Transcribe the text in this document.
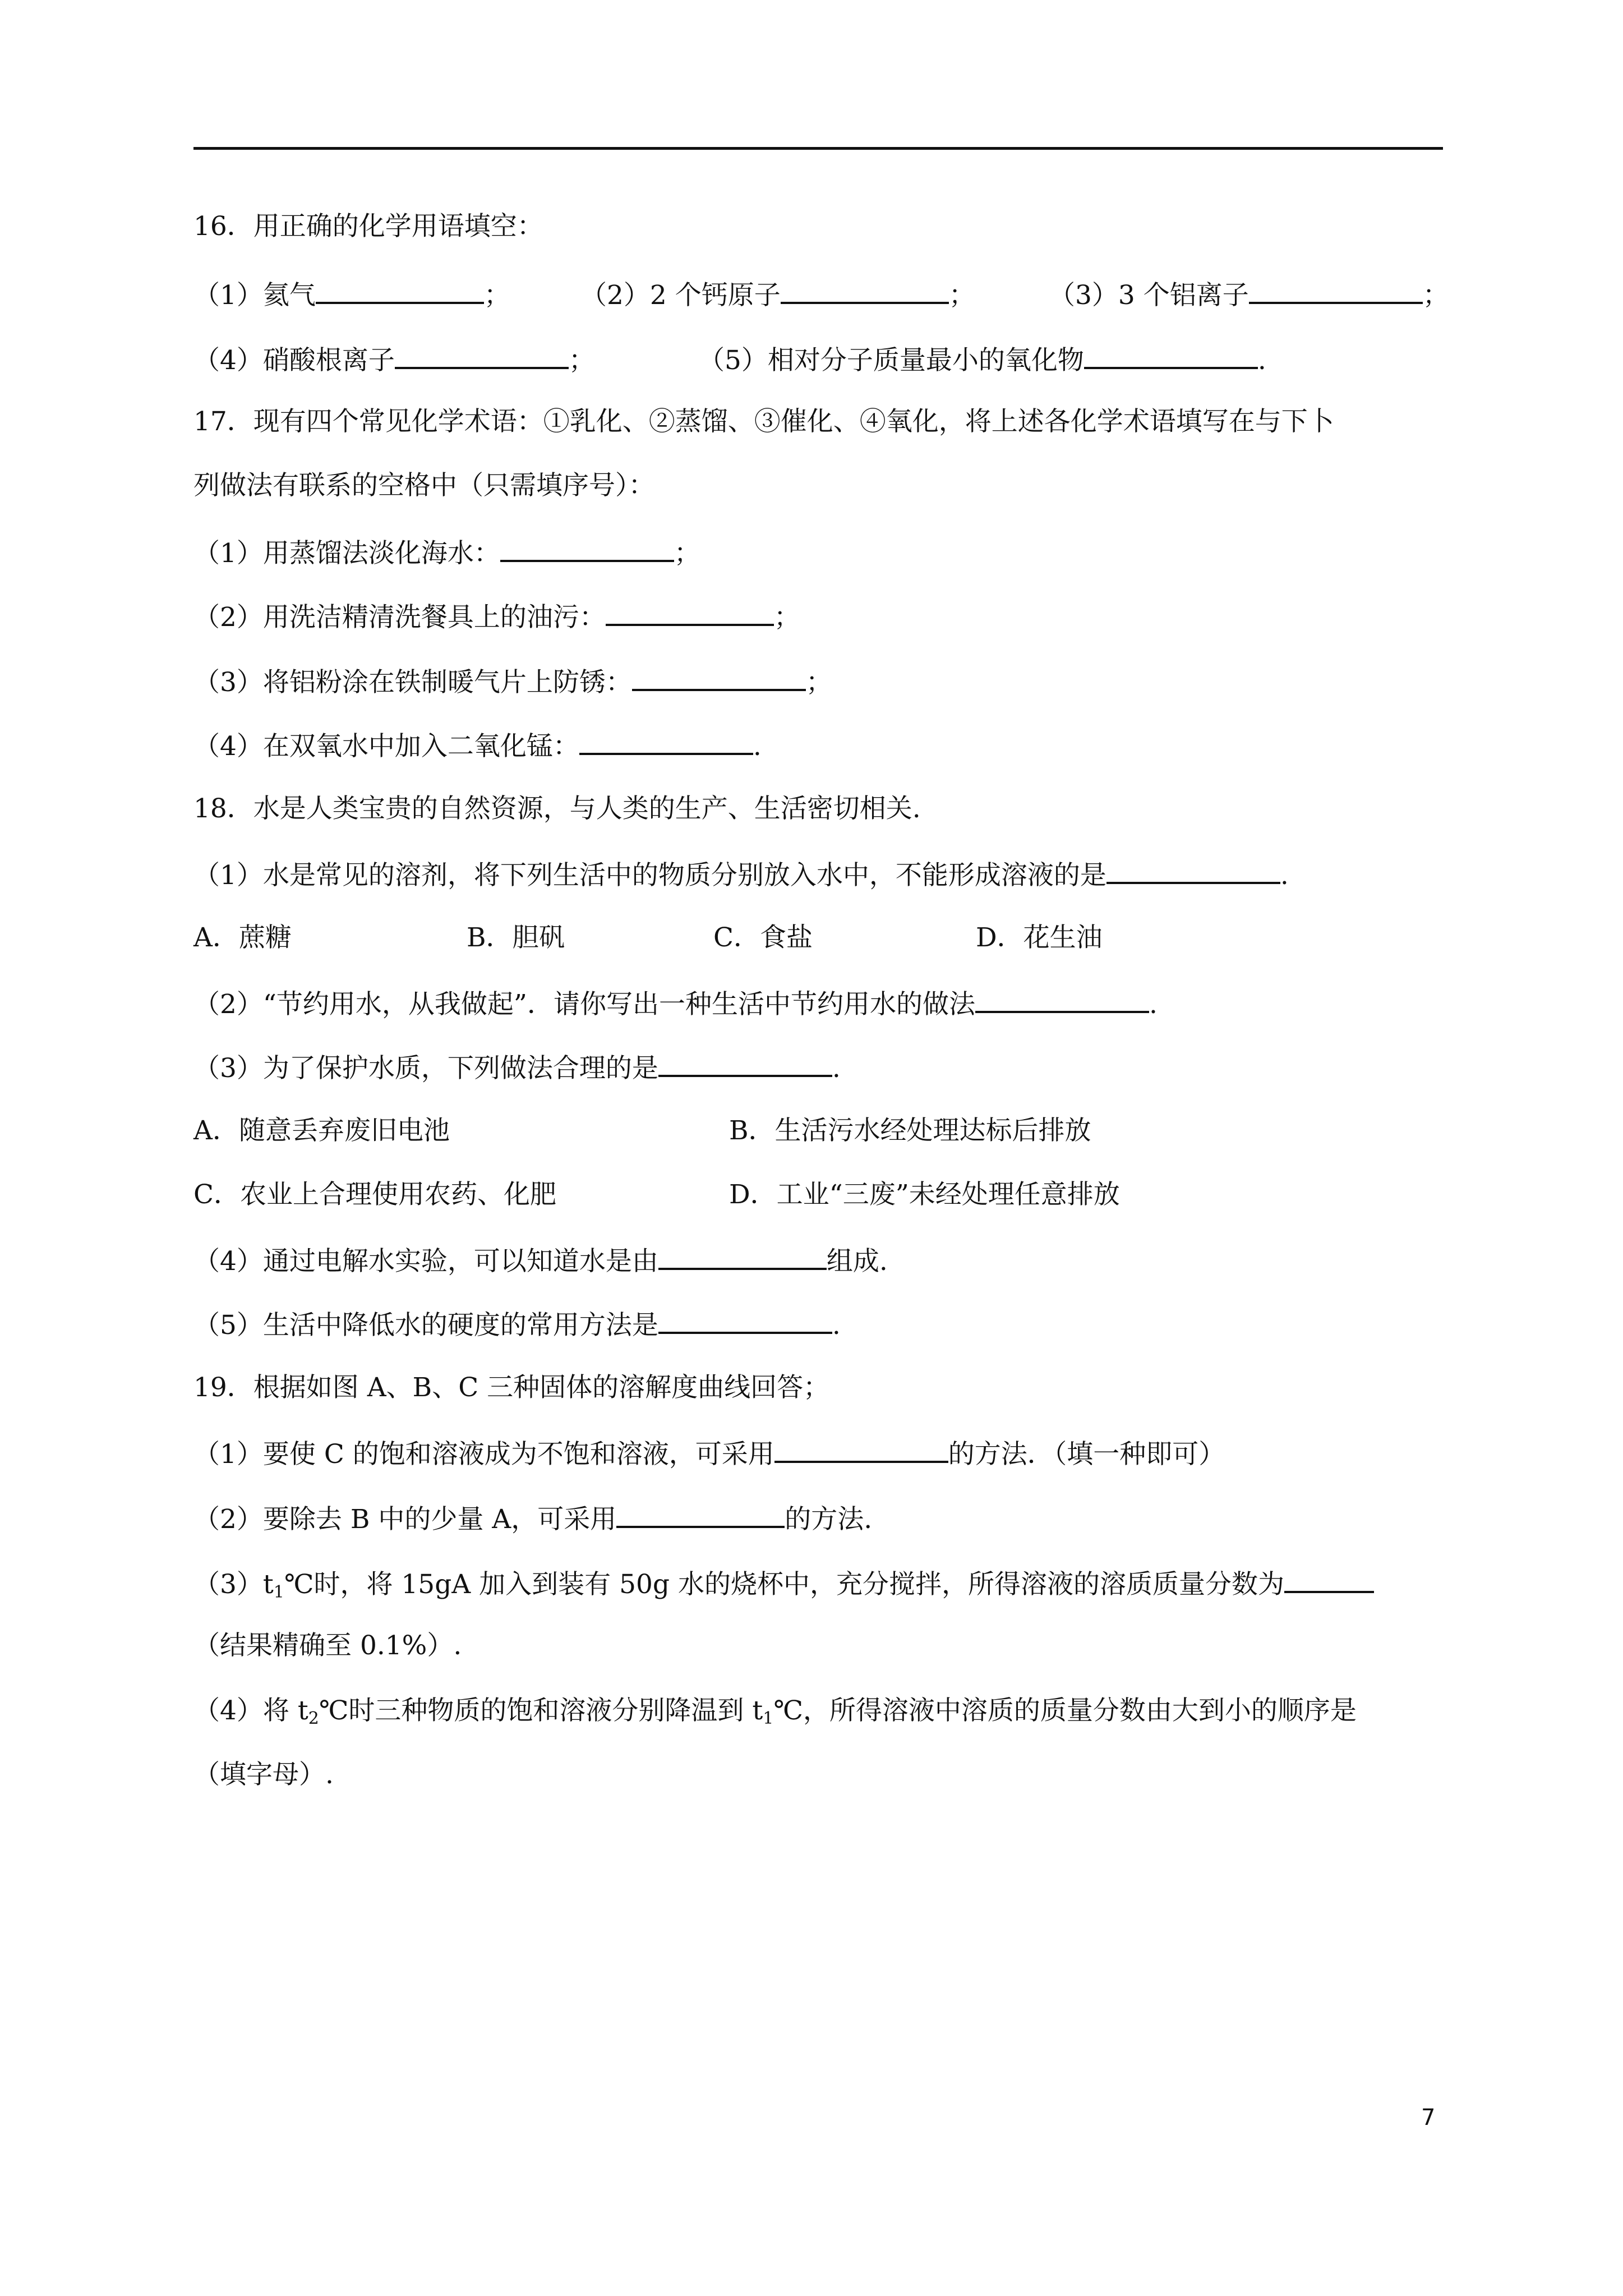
16．用正确的化学用语填空：
（1）氦气	；	（2）2 个钙原子	；	（3）3 个铝离子	；
（4）硝酸根离子	；	（5）相对分子质量最小的氧化物	.
17．现有四个常见化学术语：①乳化、②蒸馏、③催化、④氧化，将上述各化学术语填写在与下卜
列做法有联系的空格中（只需填序号）：
（1）用蒸馏法淡化海水：	；
（2）用洗洁精清洗餐具上的油污：	；
（3）将铝粉涂在铁制暖气片上防锈：	；
（4）在双氧水中加入二氧化锰：	.
18．水是人类宝贵的自然资源，与人类的生产、生活密切相关.
（1）水是常见的溶剂，将下列生活中的物质分别放入水中，不能形成溶液的是	.
A．蔗糖	B．胆矾	C．食盐	D．花生油
（2）“节约用水，从我做起”．请你写出一种生活中节约用水的做法	.
（3）为了保护水质，下列做法合理的是	.
A．随意丢弃废旧电池	B．生活污水经处理达标后排放
C．农业上合理使用农药、化肥	D．工业“三废”未经处理任意排放
（4）通过电解水实验，可以知道水是由	组成.
（5）生活中降低水的硬度的常用方法是	.
19．根据如图 A、B、C 三种固体的溶解度曲线回答；
（1）要使 C 的饱和溶液成为不饱和溶液，可采用	的方法．（填一种即可）
（2）要除去 B 中的少量 A，可采用	的方法.
$(3)t_1℃$时，将 15gA 加入到装有 50g 水的烧杯中，充分搅拌，所得溶液的溶质质量分数为
（结果精确至 0.1%）.
（4）将 $t_2℃$时三种物质的饱和溶液分别降温到 $t_1℃$，所得溶液中溶质的质量分数由大到小的顺序是
（填字母）.
7
